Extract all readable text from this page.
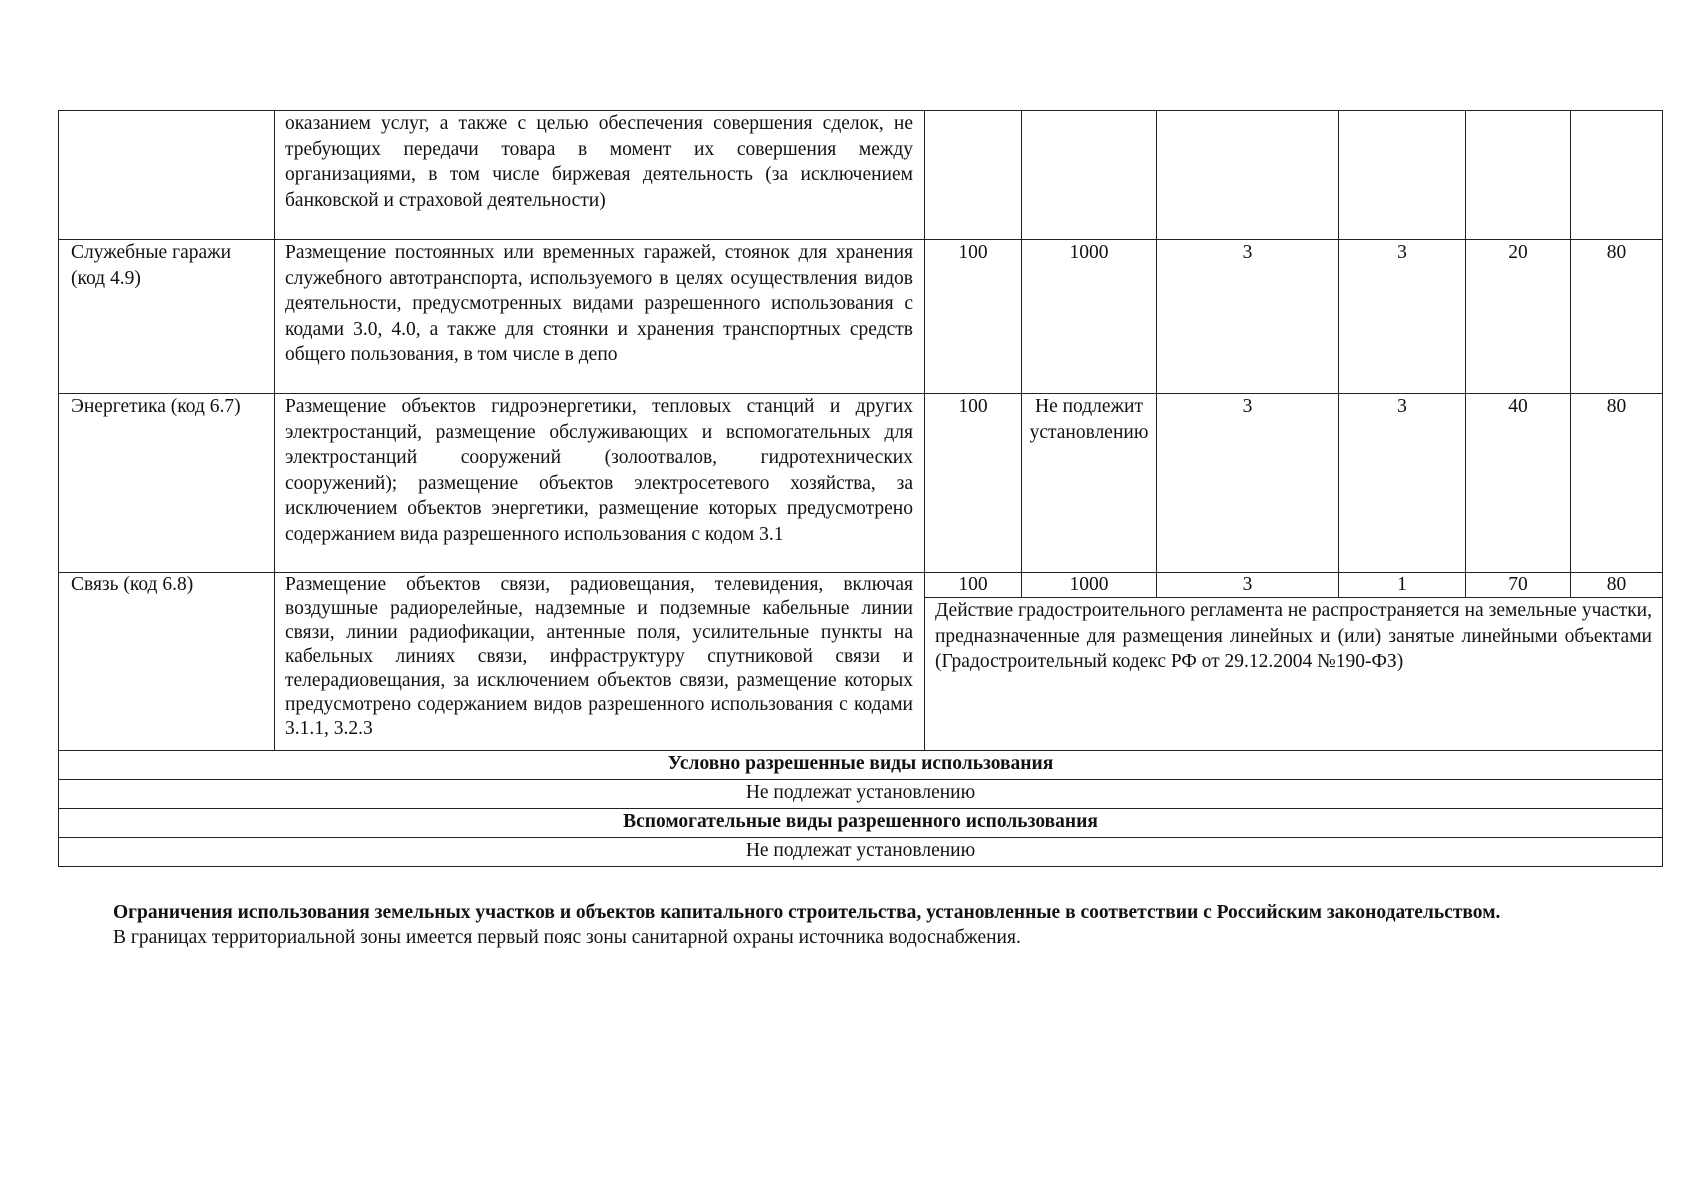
	оказанием услуг, а также с целью обеспечения совершения сделок, не требующих передачи товара в момент их совершения между организациями, в том числе биржевая деятельность (за исключением банковской и страховой деятельности)						
Служебные гаражи (код 4.9)	Размещение постоянных или временных гаражей, стоянок для хранения служебного автотранспорта, используемого в целях осуществления видов деятельности, предусмотренных видами разрешенного использования с кодами 3.0, 4.0, а также для стоянки и хранения транспортных средств общего пользования, в том числе в депо	100	1000	3	3	20	80
Энергетика (код 6.7)	Размещение объектов гидроэнергетики, тепловых станций и других электростанций, размещение обслуживающих и вспомогательных для электростанций сооружений (золоотвалов, гидротехнических сооружений); размещение объектов электросетевого хозяйства, за исключением объектов энергетики, размещение которых предусмотрено содержанием вида разрешенного использования с кодом 3.1	100	Не подлежит установлению	3	3	40	80
Связь (код 6.8)	Размещение объектов связи, радиовещания, телевидения, включая воздушные радиорелейные, надземные и подземные кабельные линии связи, линии радиофикации, антенные поля, усилительные пункты на кабельных линиях связи, инфраструктуру спутниковой связи и телерадиовещания, за исключением объектов связи, размещение которых предусмотрено содержанием видов разрешенного использования с кодами 3.1.1, 3.2.3	100	1000	3	1	70	80
		Действие градостроительного регламента не распространяется на земельные участки, предназначенные для размещения линейных и (или) занятые линейными объектами (Градостроительный кодекс РФ от 29.12.2004 №190-ФЗ)					
Условно разрешенные виды использования							
Не подлежат установлению							
Вспомогательные виды разрешенного использования							
Не подлежат установлению							

Ограничения использования земельных участков и объектов капитального строительства, установленные в соответствии с Российским законодательством.

В границах территориальной зоны имеется первый пояс зоны санитарной охраны источника водоснабжения.
